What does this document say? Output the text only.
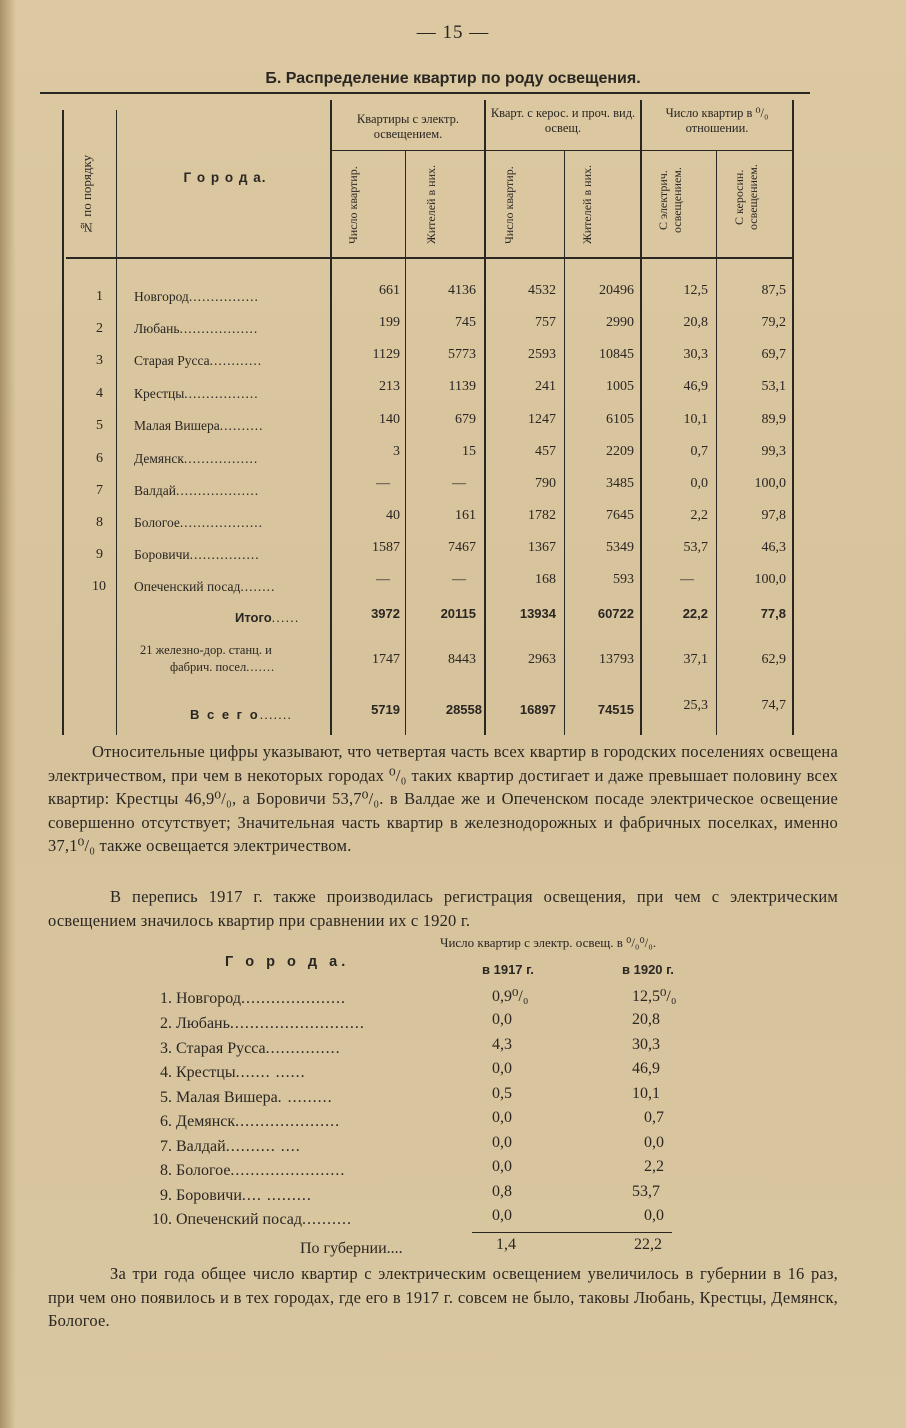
— 15 —
Б. Распределение квартир по роду освещения.
№ по порядку	Г о р о д а.
Квартиры с электр. освещением.
Кварт. с керос. и проч. вид. освещ.
Число квартир в ⁰/₀ отношении.
Число квартир.	Жителей в них.	Число квартир.	Жителей в них.	С электрич. освещением.	С керосин. освещением.
1 Новгород................	661	4136	4532	20496	12,5	87,5
2 Любань..................	199	745	757	2990	20,8	79,2
3 Старая Русса............	1129	5773	2593	10845	30,3	69,7
4 Крестцы.................	213	1139	241	1005	46,9	53,1
5 Малая Вишера..........	140	679	1247	6105	10,1	89,9
6 Демянск.................	3	15	457	2209	0,7	99,3
7 Валдай...................	—	—	790	3485	0,0	100,0
8 Бологое...................	40	161	1782	7645	2,2	97,8
9 Боровичи................	1587	7467	1367	5349	53,7	46,3
10 Опеченский посад........	—	—	168	593	—	100,0
Итого......	3972	20115	13934	60722	22,2	77,8
21 железно-дор. станц. и
фабрич. посел.......	1747	8443	2963	13793	37,1	62,9
В с е г о.......	5719	28558	16897	74515	25,3	74,7
Относительные цифры указывают, что четвертая часть всех квартир в городских поселениях освещена электричеством, при чем в некоторых городах ⁰/₀ таких квартир достигает и даже превышает половину всех квартир: Крестцы 46,9⁰/₀, а Боровичи 53,7⁰/₀. в Валдае же и Опеченском посаде электрическое освещение совершенно отсутствует; Значительная часть квартир в железнодорожных и фабричных поселках, именно 37,1⁰/₀ также освещается электричеством.
В перепись 1917 г. также производилась регистрация освещения, при чем с электрическим освещением значилось квартир при сравнении их с 1920 г.
Г о р о д а.
Число квартир с электр. освещ. в ⁰/₀⁰/₀.
в 1917 г.	в 1920 г.
1. Новгород.....................	0,9⁰/₀	12,5⁰/₀
2. Любань...........................	0,0	20,8
3. Старая Русса...............	4,3	30,3
4. Крестцы....... ......	0,0	46,9
5. Малая Вишера. .........	0,5	10,1
6. Демянск.....................	0,0	0,7
7. Валдай.......... ....	0,0	0,0
8. Бологое.......................	0,0	2,2
9. Боровичи.... .........	0,8	53,7
10. Опеченский посад..........	0,0	0,0
По губернии....	1,4	22,2
За три года общее число квартир с электрическим освещением увеличилось в губернии в 16 раз, при чем оно появилось и в тех городах, где его в 1917 г. совсем не было, таковы Любань, Крестцы, Демянск, Бологое.
